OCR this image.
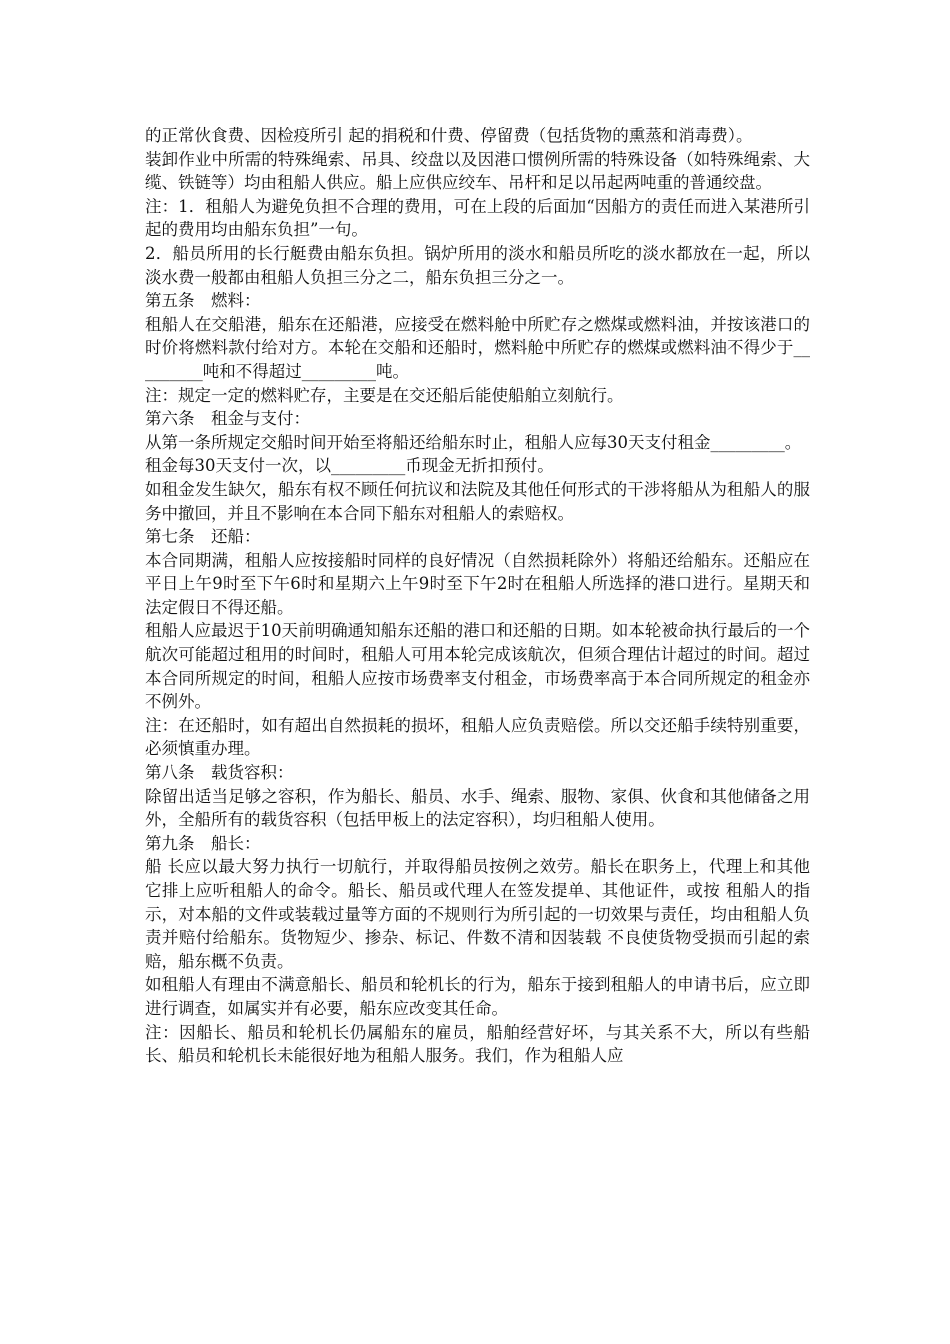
的正常伙食费、因检疫所引 起的捐税和什费、停留费（包括货物的熏蒸和消毒费）。

装卸作业中所需的特殊绳索、吊具、绞盘以及因港口惯例所需的特殊设备（如特殊绳索、大缆、铁链等）均由租船人供应。船上应供应绞车、吊杆和足以吊起两吨重的普通绞盘。

注：1．租船人为避免负担不合理的费用，可在上段的后面加“因船方的责任而进入某港所引起的费用均由船东负担”一句。

2．船员所用的长行艇费由船东负担。锅炉所用的淡水和船员所吃的淡水都放在一起，所以淡水费一般都由租船人负担三分之二，船东负担三分之一。

第五条　燃料：

租船人在交船港，船东在还船港，应接受在燃料舱中所贮存之燃煤或燃料油，并按该港口的时价将燃料款付给对方。本轮在交船和还船时，燃料舱中所贮存的燃煤或燃料油不得少于_________吨和不得超过_________吨。

注：规定一定的燃料贮存，主要是在交还船后能使船舶立刻航行。

第六条　租金与支付：

从第一条所规定交船时间开始至将船还给船东时止，租船人应每30天支付租金_________。

租金每30天支付一次，以_________币现金无折扣预付。

如租金发生缺欠，船东有权不顾任何抗议和法院及其他任何形式的干涉将船从为租船人的服务中撤回，并且不影响在本合同下船东对租船人的索赔权。

第七条　还船：

本合同期满，租船人应按接船时同样的良好情况（自然损耗除外）将船还给船东。还船应在平日上午9时至下午6时和星期六上午9时至下午2时在租船人所选择的港口进行。星期天和法定假日不得还船。

租船人应最迟于10天前明确通知船东还船的港口和还船的日期。如本轮被命执行最后的一个航次可能超过租用的时间时，租船人可用本轮完成该航次，但须合理估计超过的时间。超过本合同所规定的时间，租船人应按市场费率支付租金，市场费率高于本合同所规定的租金亦不例外。

注：在还船时，如有超出自然损耗的损坏，租船人应负责赔偿。所以交还船手续特别重要，必须慎重办理。

第八条　载货容积：

除留出适当足够之容积，作为船长、船员、水手、绳索、服物、家俱、伙食和其他储备之用外，全船所有的载货容积（包括甲板上的法定容积），均归租船人使用。

第九条　船长：

船 长应以最大努力执行一切航行，并取得船员按例之效劳。船长在职务上，代理上和其他它排上应听租船人的命令。船长、船员或代理人在签发提单、其他证件，或按 租船人的指示，对本船的文件或装载过量等方面的不规则行为所引起的一切效果与责任，均由租船人负责并赔付给船东。货物短少、掺杂、标记、件数不清和因装载 不良使货物受损而引起的索赔，船东概不负责。

如租船人有理由不满意船长、船员和轮机长的行为，船东于接到租船人的申请书后，应立即进行调查，如属实并有必要，船东应改变其任命。

注：因船长、船员和轮机长仍属船东的雇员，船舶经营好坏，与其关系不大，所以有些船长、船员和轮机长未能很好地为租船人服务。我们，作为租船人应
